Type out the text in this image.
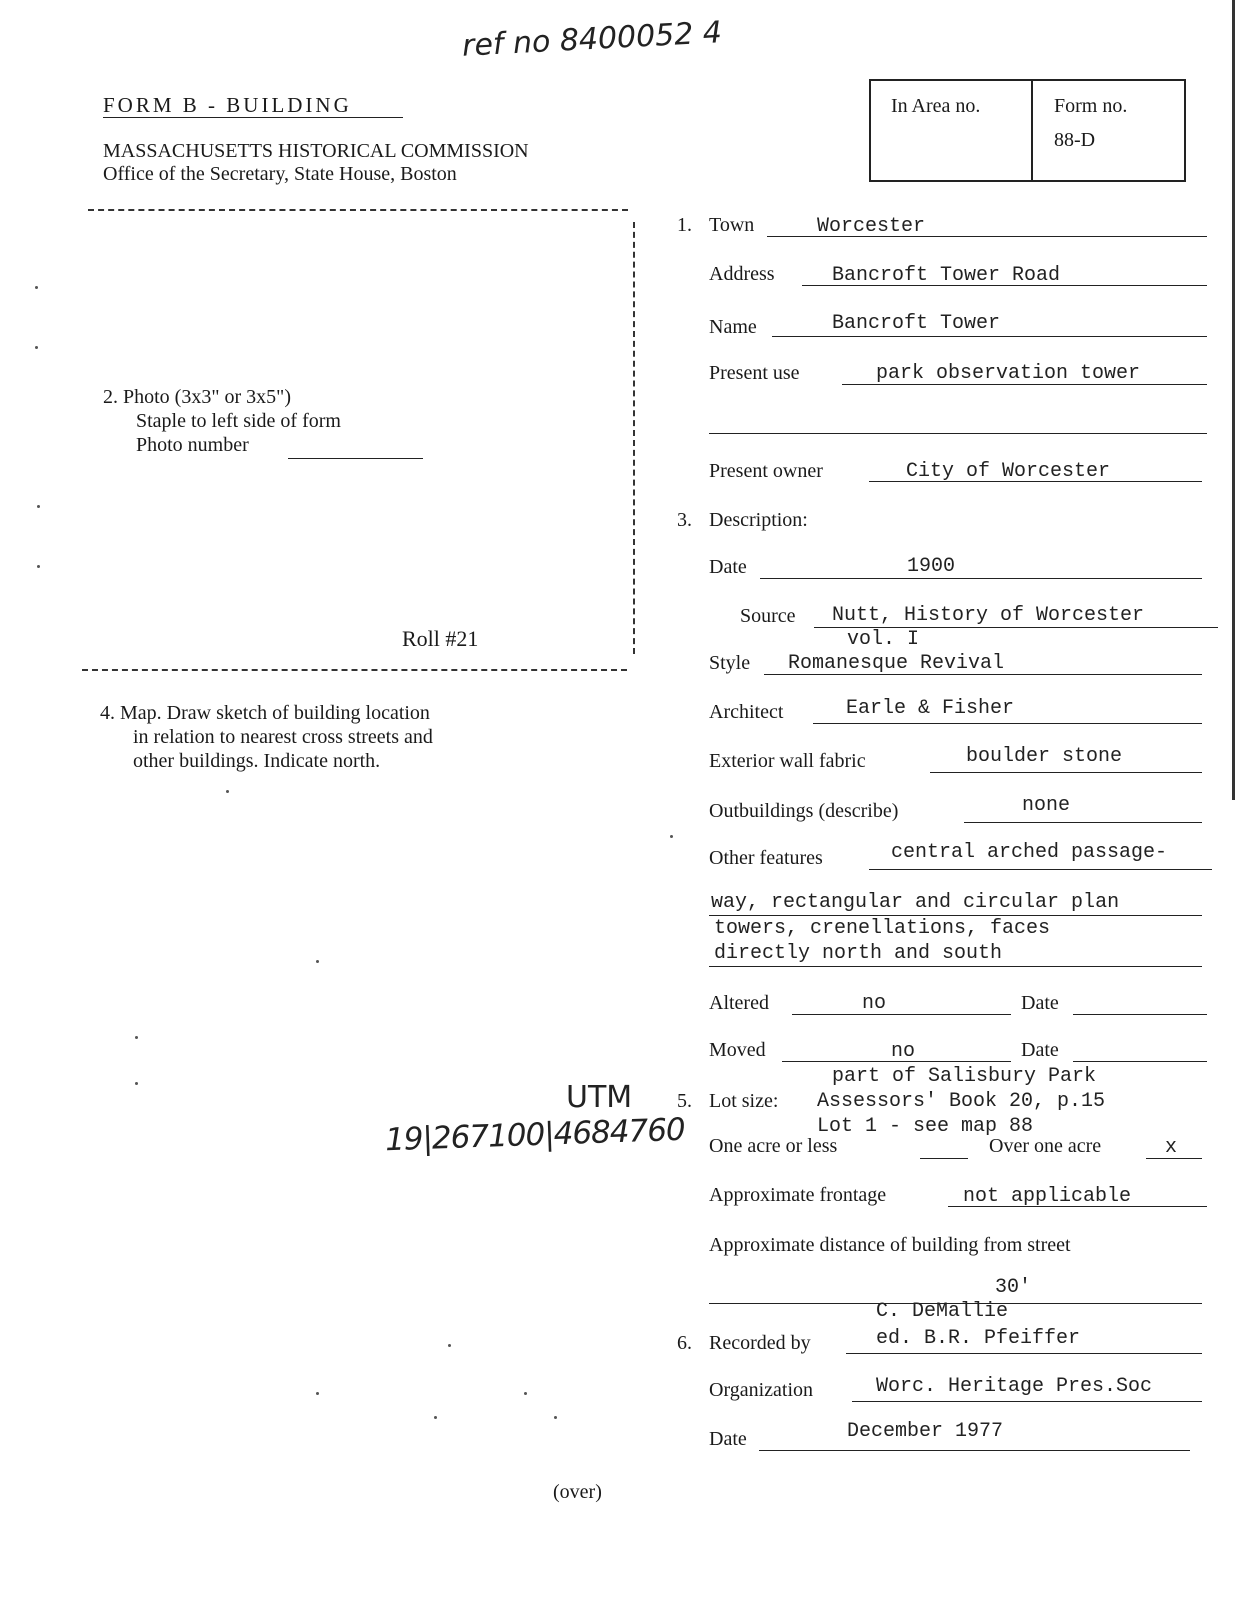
ref no 8400052 4
FORM B - BUILDING
MASSACHUSETTS HISTORICAL COMMISSION
Office of the Secretary, State House, Boston
In Area no.	Form no.
88-D
2. Photo (3x3" or 3x5")
Staple to left side of form
Photo number
Roll #21
4. Map. Draw sketch of building location
in relation to nearest cross streets and
other buildings. Indicate north.
UTM
19|267100|4684760
1. Town	Worcester
Address	Bancroft Tower Road
Name	Bancroft Tower
Present use	park observation tower
Present owner	City of Worcester
3. Description:
Date	1900
Source Nutt, History of Worcester
vol. I
Style Romanesque Revival
Architect	Earle & Fisher
Exterior wall fabric	boulder stone
Outbuildings (describe)	none
Other features	central arched passage-
way, rectangular and circular plan
towers, crenellations, faces
directly north and south
Altered	no	Date
Moved	no	Date
part of Salisbury Park
5. Lot size: Assessors' Book 20, p.15
Lot 1 - see map 88
One acre or less	Over one acre	x
Approximate frontage	not applicable
Approximate distance of building from street
30'
C. DeMallie
6. Recorded by	ed. B.R. Pfeiffer
Organization	Worc. Heritage Pres.Soc
Date	December 1977
(over)
